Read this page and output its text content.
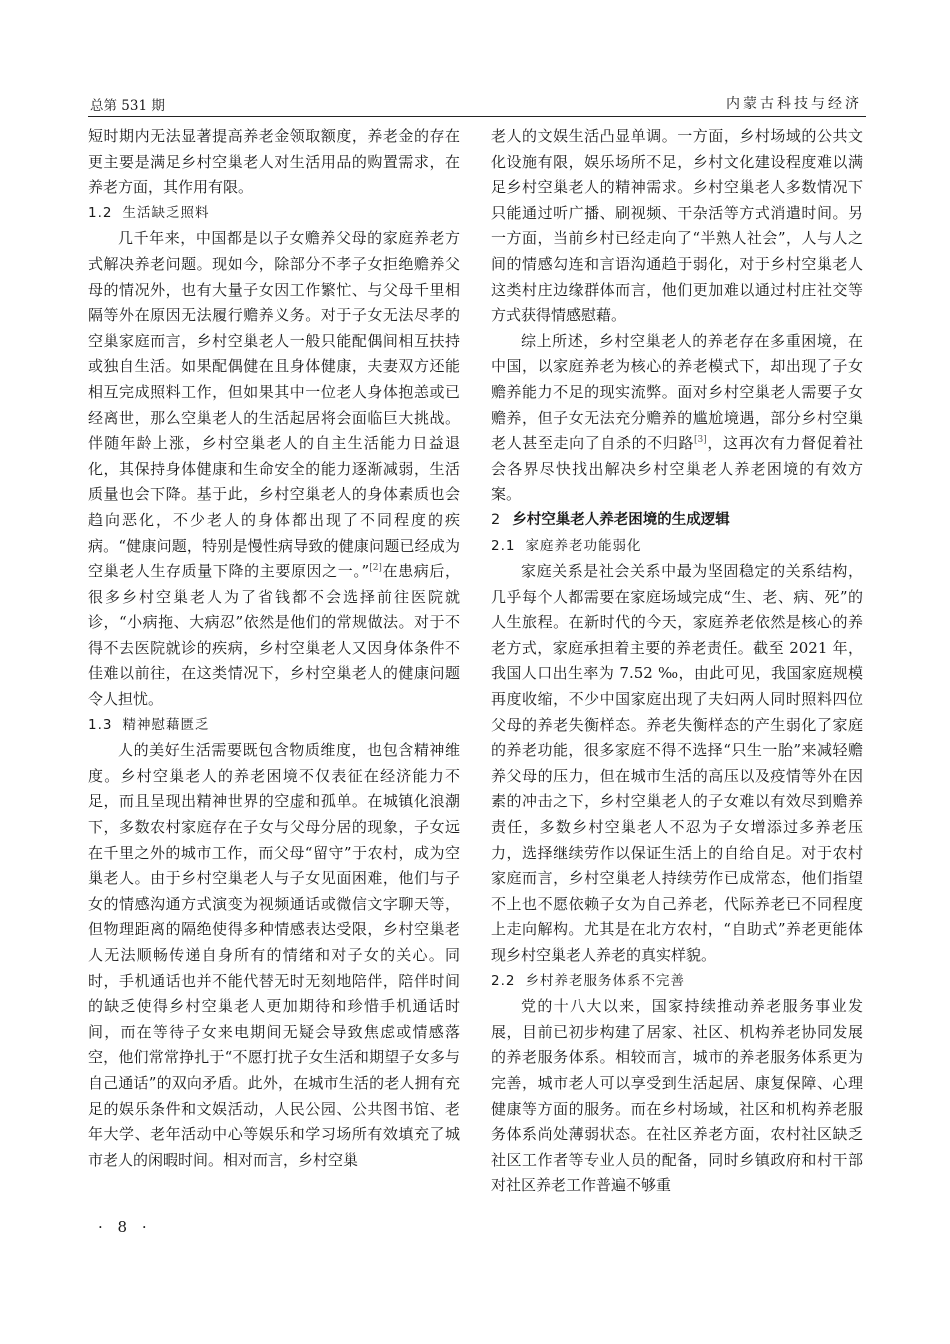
总第 531 期	内蒙古科技与经济

短时期内无法显著提高养老金领取额度，养老金的存在更主要是满足乡村空巢老人对生活用品的购置需求，在养老方面，其作用有限。

1.2 生活缺乏照料

几千年来，中国都是以子女赡养父母的家庭养老方式解决养老问题。现如今，除部分不孝子女拒绝赡养父母的情况外，也有大量子女因工作繁忙、与父母千里相隔等外在原因无法履行赡养义务。对于子女无法尽孝的空巢家庭而言，乡村空巢老人一般只能配偶间相互扶持或独自生活。如果配偶健在且身体健康，夫妻双方还能相互完成照料工作，但如果其中一位老人身体抱恙或已经离世，那么空巢老人的生活起居将会面临巨大挑战。伴随年龄上涨，乡村空巢老人的自主生活能力日益退化，其保持身体健康和生命安全的能力逐渐减弱，生活质量也会下降。基于此，乡村空巢老人的身体素质也会趋向恶化，不少老人的身体都出现了不同程度的疾病。“健康问题，特别是慢性病导致的健康问题已经成为空巢老人生存质量下降的主要原因之一。”[2]在患病后，很多乡村空巢老人为了省钱都不会选择前往医院就诊，“小病拖、大病忍”依然是他们的常规做法。对于不得不去医院就诊的疾病，乡村空巢老人又因身体条件不佳难以前往，在这类情况下，乡村空巢老人的健康问题令人担忧。

1.3 精神慰藉匮乏

人的美好生活需要既包含物质维度，也包含精神维度。乡村空巢老人的养老困境不仅表征在经济能力不足，而且呈现出精神世界的空虚和孤单。在城镇化浪潮下，多数农村家庭存在子女与父母分居的现象，子女远在千里之外的城市工作，而父母“留守”于农村，成为空巢老人。由于乡村空巢老人与子女见面困难，他们与子女的情感沟通方式演变为视频通话或微信文字聊天等，但物理距离的隔绝使得多种情感表达受限，乡村空巢老人无法顺畅传递自身所有的情绪和对子女的关心。同时，手机通话也并不能代替无时无刻地陪伴，陪伴时间的缺乏使得乡村空巢老人更加期待和珍惜手机通话时间，而在等待子女来电期间无疑会导致焦虑或情感落空，他们常常挣扎于“不愿打扰子女生活和期望子女多与自己通话”的双向矛盾。此外，在城市生活的老人拥有充足的娱乐条件和文娱活动，人民公园、公共图书馆、老年大学、老年活动中心等娱乐和学习场所有效填充了城市老人的闲暇时间。相对而言，乡村空巢

老人的文娱生活凸显单调。一方面，乡村场域的公共文化设施有限，娱乐场所不足，乡村文化建设程度难以满足乡村空巢老人的精神需求。乡村空巢老人多数情况下只能通过听广播、刷视频、干杂活等方式消遣时间。另一方面，当前乡村已经走向了“半熟人社会”，人与人之间的情感勾连和言语沟通趋于弱化，对于乡村空巢老人这类村庄边缘群体而言，他们更加难以通过村庄社交等方式获得情感慰藉。

综上所述，乡村空巢老人的养老存在多重困境，在中国，以家庭养老为核心的养老模式下，却出现了子女赡养能力不足的现实流弊。面对乡村空巢老人需要子女赡养，但子女无法充分赡养的尴尬境遇，部分乡村空巢老人甚至走向了自杀的不归路[3]，这再次有力督促着社会各界尽快找出解决乡村空巢老人养老困境的有效方案。

2 乡村空巢老人养老困境的生成逻辑
2.1 家庭养老功能弱化

家庭关系是社会关系中最为坚固稳定的关系结构，几乎每个人都需要在家庭场域完成“生、老、病、死”的人生旅程。在新时代的今天，家庭养老依然是核心的养老方式，家庭承担着主要的养老责任。截至 2021 年，我国人口出生率为 7.52 ‰，由此可见，我国家庭规模再度收缩，不少中国家庭出现了夫妇两人同时照料四位父母的养老失衡样态。养老失衡样态的产生弱化了家庭的养老功能，很多家庭不得不选择“只生一胎”来减轻赡养父母的压力，但在城市生活的高压以及疫情等外在因素的冲击之下，乡村空巢老人的子女难以有效尽到赡养责任，多数乡村空巢老人不忍为子女增添过多养老压力，选择继续劳作以保证生活上的自给自足。对于农村家庭而言，乡村空巢老人持续劳作已成常态，他们指望不上也不愿依赖子女为自己养老，代际养老已不同程度上走向解构。尤其是在北方农村，“自助式”养老更能体现乡村空巢老人养老的真实样貌。

2.2 乡村养老服务体系不完善

党的十八大以来，国家持续推动养老服务事业发展，目前已初步构建了居家、社区、机构养老协同发展的养老服务体系。相较而言，城市的养老服务体系更为完善，城市老人可以享受到生活起居、康复保障、心理健康等方面的服务。而在乡村场域，社区和机构养老服务体系尚处薄弱状态。在社区养老方面，农村社区缺乏社区工作者等专业人员的配备，同时乡镇政府和村干部对社区养老工作普遍不够重

· 8 ·
